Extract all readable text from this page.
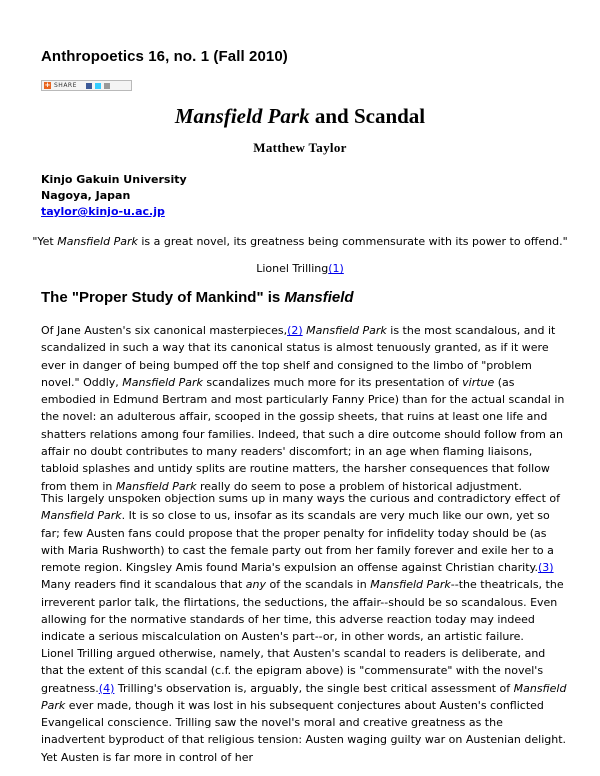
Anthropoetics 16, no. 1 (Fall 2010)
+ SHARE
Mansfield Park and Scandal
Matthew Taylor
Kinjo Gakuin University
Nagoya, Japan
taylor@kinjo-u.ac.jp
"Yet Mansfield Park is a great novel, its greatness being commensurate with its power to offend."
Lionel Trilling(1)
The "Proper Study of Mankind" is Mansfield

Of Jane Austen's six canonical masterpieces,(2) Mansfield Park is the most scandalous, and it scandalized in such a way that its canonical status is almost tenuously granted, as if it were ever in danger of being bumped off the top shelf and consigned to the limbo of "problem novel." Oddly, Mansfield Park scandalizes much more for its presentation of virtue (as embodied in Edmund Bertram and most particularly Fanny Price) than for the actual scandal in the novel: an adulterous affair, scooped in the gossip sheets, that ruins at least one life and shatters relations among four families. Indeed, that such a dire outcome should follow from an affair no doubt contributes to many readers' discomfort; in an age when flaming liaisons, tabloid splashes and untidy splits are routine matters, the harsher consequences that follow from them in Mansfield Park really do seem to pose a problem of historical adjustment.

This largely unspoken objection sums up in many ways the curious and contradictory effect of Mansfield Park. It is so close to us, insofar as its scandals are very much like our own, yet so far; few Austen fans could propose that the proper penalty for infidelity today should be (as with Maria Rushworth) to cast the female party out from her family forever and exile her to a remote region. Kingsley Amis found Maria's expulsion an offense against Christian charity.(3) Many readers find it scandalous that any of the scandals in Mansfield Park--the theatricals, the irreverent parlor talk, the flirtations, the seductions, the affair--should be so scandalous. Even allowing for the normative standards of her time, this adverse reaction today may indeed indicate a serious miscalculation on Austen's part--or, in other words, an artistic failure.

Lionel Trilling argued otherwise, namely, that Austen's scandal to readers is deliberate, and that the extent of this scandal (c.f. the epigram above) is "commensurate" with the novel's greatness.(4) Trilling's observation is, arguably, the single best critical assessment of Mansfield Park ever made, though it was lost in his subsequent conjectures about Austen's conflicted Evangelical conscience. Trilling saw the novel's moral and creative greatness as the inadvertent byproduct of that religious tension: Austen waging guilty war on Austenian delight. Yet Austen is far more in control of her
